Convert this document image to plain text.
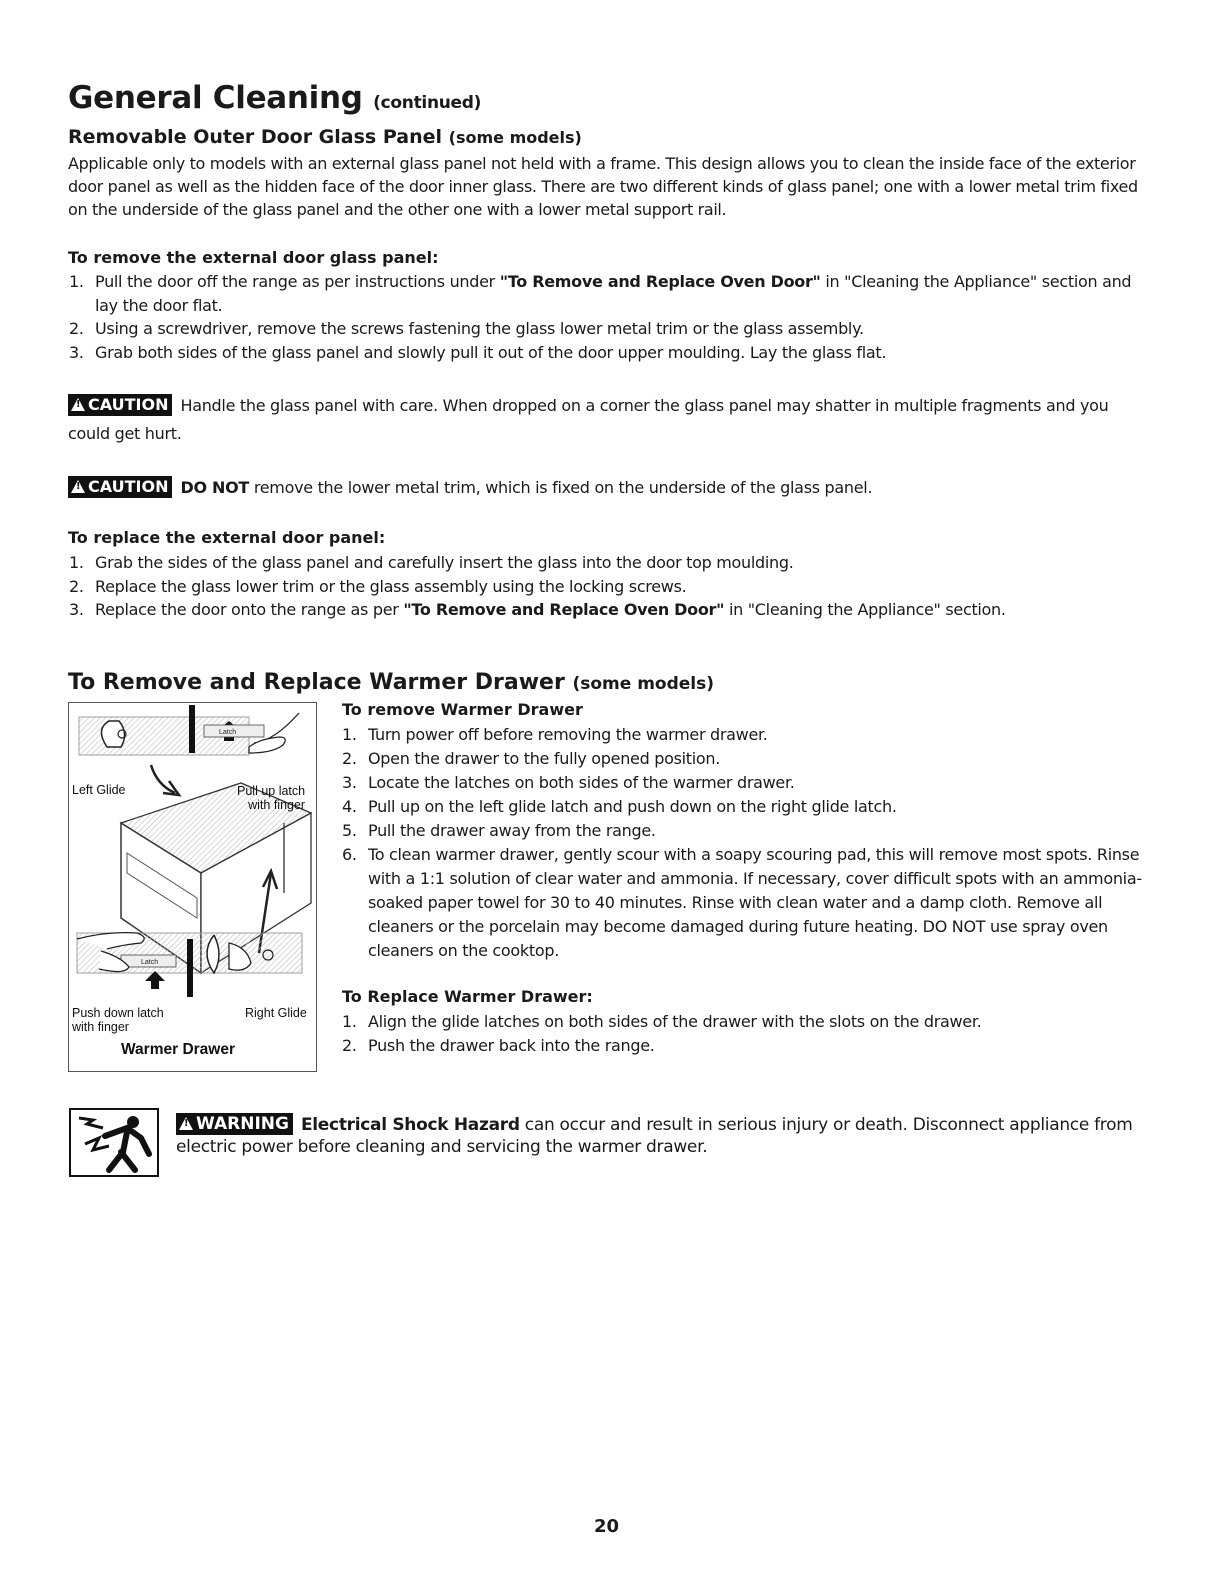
General Cleaning (continued)
Removable Outer Door Glass Panel (some models)

Applicable only to models with an external glass panel not held with a frame. This design allows you to clean the inside face of the exterior door panel as well as the hidden face of the door inner glass. There are two different kinds of glass panel; one with a lower metal trim fixed on the underside of the glass panel and the other one with a lower metal support rail.

To remove the external door glass panel:

1. Pull the door off the range as per instructions under "To Remove and Replace Oven Door" in "Cleaning the Appliance" section and lay the door flat.
2. Using a screwdriver, remove the screws fastening the glass lower metal trim or the glass assembly.
3. Grab both sides of the glass panel and slowly pull it out of the door upper moulding. Lay the glass flat.
!CAUTION Handle the glass panel with care. When dropped on a corner the glass panel may shatter in multiple fragments and you could get hurt.
!CAUTION DO NOT remove the lower metal trim, which is fixed on the underside of the glass panel.

To replace the external door panel:

1. Grab the sides of the glass panel and carefully insert the glass into the door top moulding.
2. Replace the glass lower trim or the glass assembly using the locking screws.
3. Replace the door onto the range as per "To Remove and Replace Oven Door" in "Cleaning the Appliance" section.
To Remove and Replace Warmer Drawer (some models)
Latch
Latch
Left Glide	Pull up latch
with finger
Push down latch
with finger
Right Glide
Warmer Drawer

To remove Warmer Drawer

1. Turn power off before removing the warmer drawer.
2. Open the drawer to the fully opened position.
3. Locate the latches on both sides of the warmer drawer.
4. Pull up on the left glide latch and push down on the right glide latch.
5. Pull the drawer away from the range.
6. To clean warmer drawer, gently scour with a soapy scouring pad, this will remove most spots. Rinse with a 1:1 solution of clear water and ammonia. If necessary, cover difficult spots with an ammonia-soaked paper towel for 30 to 40 minutes. Rinse with clean water and a damp cloth. Remove all cleaners or the porcelain may become damaged during future heating. DO NOT use spray oven cleaners on the cooktop.

To Replace Warmer Drawer:

1. Align the glide latches on both sides of the drawer with the slots on the drawer.
2. Push the drawer back into the range.
!WARNING Electrical Shock Hazard can occur and result in serious injury or death. Disconnect appliance from electric power before cleaning and servicing the warmer drawer.
20
